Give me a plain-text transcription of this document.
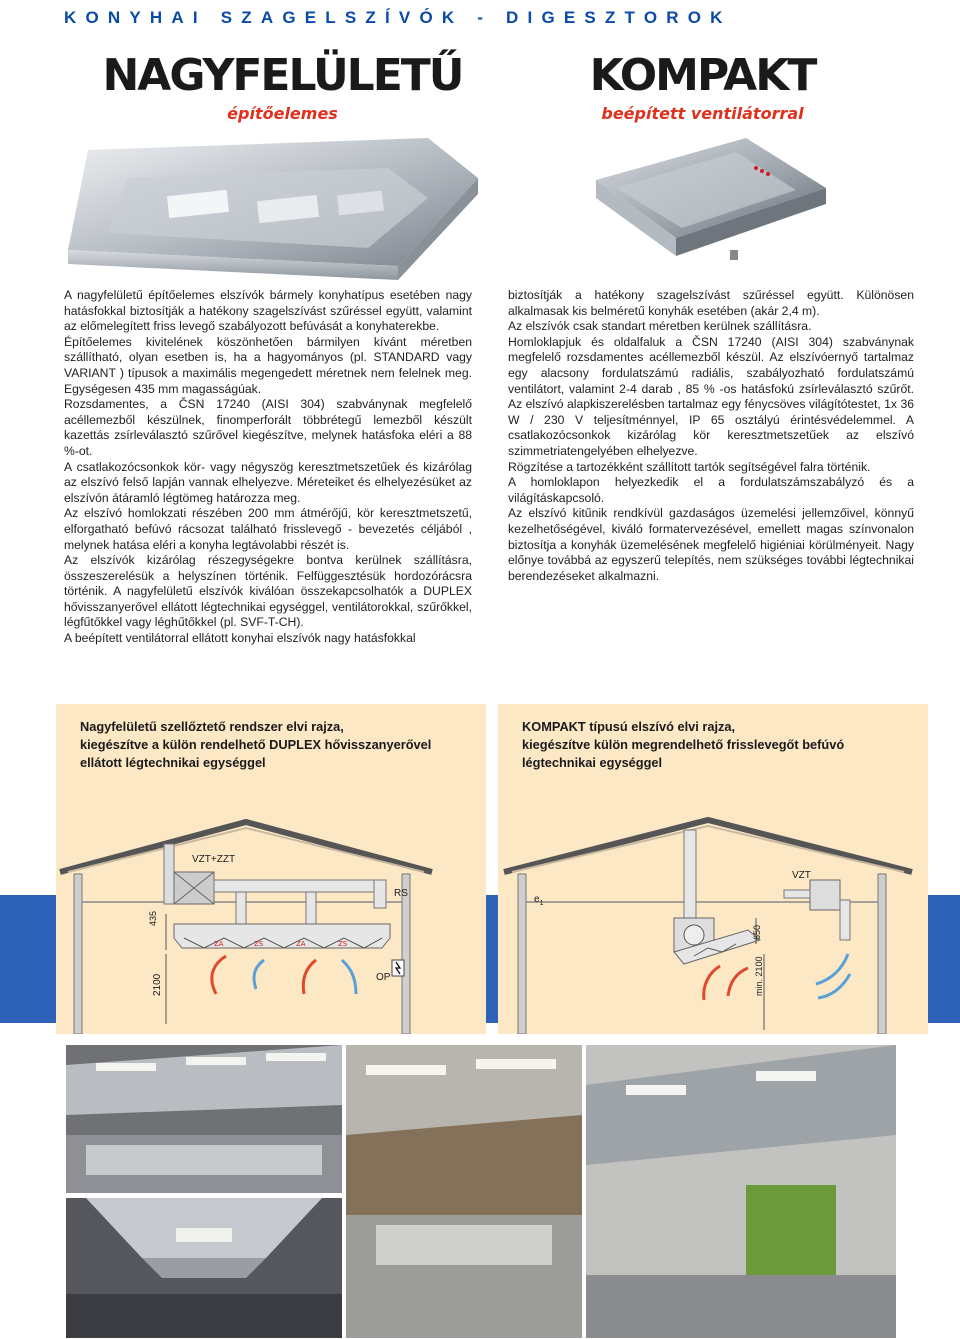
KONYHAI SZAGELSZÍVÓK - DIGESZTOROK
NAGYFELÜLETŰ
építőelemes
KOMPAKT
beépített ventilátorral

A nagyfelületű építőelemes elszívók bármely konyhatípus esetében nagy hatásfokkal biztosítják a hatékony szagelszívást szűréssel együtt, valamint az előmelegített friss levegő szabályozott befúvását a konyhaterekbe.

Építőelemes kivitelének köszönhetően bármilyen kívánt méretben szállítható, olyan esetben is, ha a hagyományos (pl. STANDARD vagy VARIANT ) típusok a maximális megengedett méretnek nem felelnek meg. Egységesen 435 mm magasságúak.

Rozsdamentes, a ČSN 17240 (AISI 304) szabványnak megfelelő acéllemezből készülnek, finomperforált többrétegű lemezből készült kazettás zsírleválasztó szűrővel kiegészítve, melynek hatásfoka eléri a 88 %-ot.

A csatlakozócsonkok kör- vagy négyszög keresztmetszetűek és kizárólag az elszívó felső lapján vannak elhelyezve. Méreteiket és elhelyezésüket az elszívón átáramló légtömeg határozza meg.

Az elszívó homlokzati részében 200 mm átmérőjű, kör keresztmetszetű, elforgatható befúvó rácsozat található frisslevegő - bevezetés céljából , melynek hatása eléri a konyha legtávolabbi részét is.

Az elszívók kizárólag részegységekre bontva kerülnek szállításra, összeszerelésük a helyszínen történik. Felfüggesztésük hordozórácsra történik. A nagyfelületű elszívók kiválóan összekapcsolhatók a DUPLEX hővisszanyerővel ellátott légtechnikai egységgel, ventilátorokkal, szűrőkkel, légfűtőkkel vagy léghűtőkkel (pl. SVF-T-CH).

A beépített ventilátorral ellátott konyhai elszívók nagy hatásfokkal

biztosítják a hatékony szagelszívást szűréssel együtt. Különösen alkalmasak kis belméretű konyhák esetében (akár 2,4 m).

Az elszívók csak standart méretben kerülnek szállításra.

Homloklapjuk és oldalfaluk a ČSN 17240 (AISI 304) szabványnak megfelelő rozsdamentes acéllemezből készül. Az elszívóernyő tartalmaz egy alacsony fordulatszámú radiális, szabályozható fordulatszámú ventilátort, valamint 2-4 darab , 85 % -os hatásfokú zsírleválasztó szűrőt. Az elszívó alapkiszerelésben tartalmaz egy fénycsöves világítótestet, 1x 36 W / 230 V teljesítménnyel, IP 65 osztályú érintésvédelemmel. A csatlakozócsonkok kizárólag kör keresztmetszetűek az elszívó szimmetriatengelyében elhelyezve.

Rögzítése a tartozékként szállított tartók segítségével falra történik.

A homloklapon helyezkedik el a fordulatszámszabályzó és a világításkapcsoló.

Az elszívó kitűnik rendkívül gazdaságos üzemelési jellemzőivel, könnyű kezelhetőségével, kiváló formatervezésével, emellett magas színvonalon biztosítja a konyhák üzemelésének megfelelő higiéniai körülményeit. Nagy előnye továbbá az egyszerű telepítés, nem szükséges további légtechnikai berendezéseket alkalmazni.

Nagyfelületű szellőztető rendszer elvi rajza,
kiegészítve a külön rendelhető DUPLEX hővisszanyerővel
ellátott légtechnikai egységgel
ZA	ZS	ZA	ZS
VZT+ZZT
RS
435
2100	OP
KOMPAKT típusú elszívó elvi rajza,
kiegészítve külön megrendelhető frisslevegőt befúvó
légtechnikai egységgel
VZT
$e_1$
650
min. 2100
